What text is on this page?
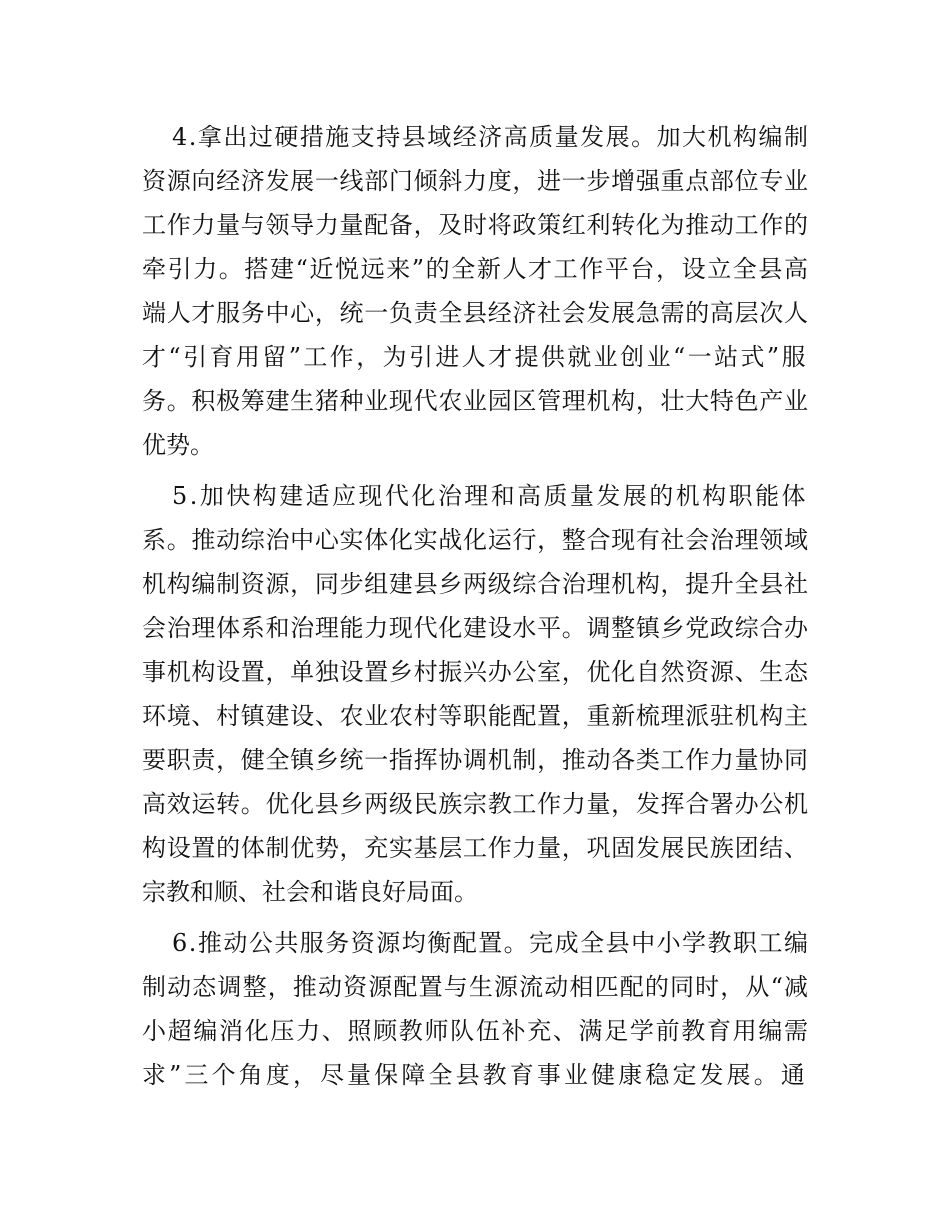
4.拿出过硬措施支持县域经济高质量发展。加大机构编制

资源向经济发展一线部门倾斜力度，进一步增强重点部位专业

工作力量与领导力量配备，及时将政策红利转化为推动工作的

牵引力。搭建“近悦远来”的全新人才工作平台，设立全县高

端人才服务中心，统一负责全县经济社会发展急需的高层次人

才“引育用留”工作，为引进人才提供就业创业“一站式”服

务。积极筹建生猪种业现代农业园区管理机构，壮大特色产业

优势。

5.加快构建适应现代化治理和高质量发展的机构职能体

系。推动综治中心实体化实战化运行，整合现有社会治理领域

机构编制资源，同步组建县乡两级综合治理机构，提升全县社

会治理体系和治理能力现代化建设水平。调整镇乡党政综合办

事机构设置，单独设置乡村振兴办公室，优化自然资源、生态

环境、村镇建设、农业农村等职能配置，重新梳理派驻机构主

要职责，健全镇乡统一指挥协调机制，推动各类工作力量协同

高效运转。优化县乡两级民族宗教工作力量，发挥合署办公机

构设置的体制优势，充实基层工作力量，巩固发展民族团结、

宗教和顺、社会和谐良好局面。

6.推动公共服务资源均衡配置。完成全县中小学教职工编

制动态调整，推动资源配置与生源流动相匹配的同时，从“减

小超编消化压力、照顾教师队伍补充、满足学前教育用编需

求”三个角度，尽量保障全县教育事业健康稳定发展。通
